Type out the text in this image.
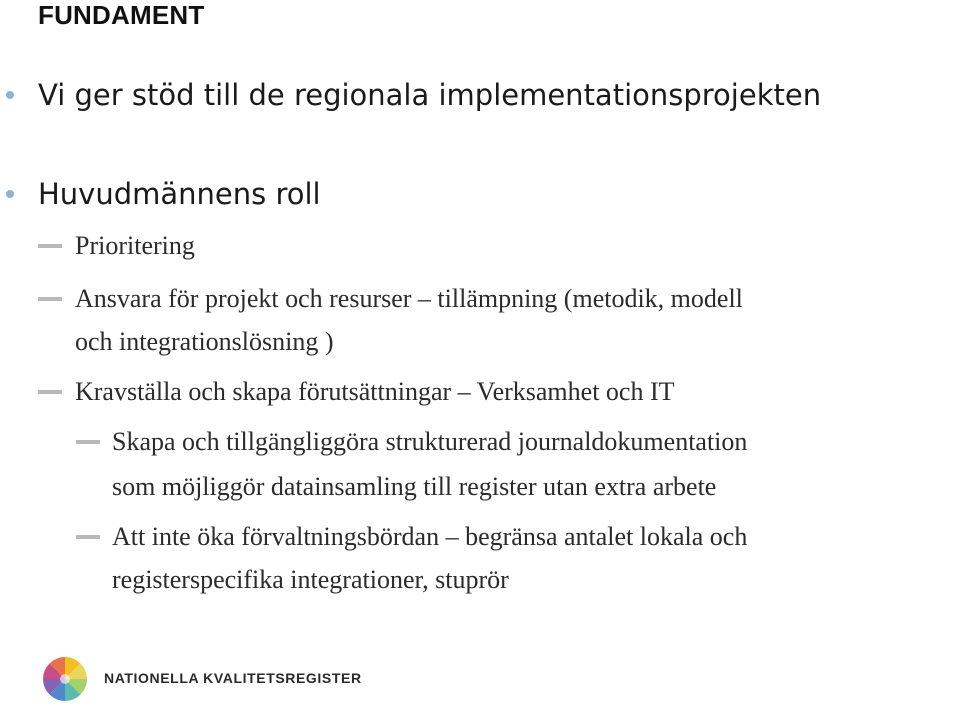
FUNDAMENT
Vi ger stöd till de regionala implementationsprojekten
Huvudmännens roll
Prioritering
Ansvara för projekt och resurser – tillämpning (metodik, modell
och integrationslösning )
Kravställa och skapa förutsättningar – Verksamhet och IT
Skapa och tillgängliggöra strukturerad journaldokumentation
som möjliggör datainsamling till register utan extra arbete
Att inte öka förvaltningsbördan – begränsa antalet lokala och
registerspecifika integrationer, stuprör
NATIONELLA KVALITETSREGISTER
